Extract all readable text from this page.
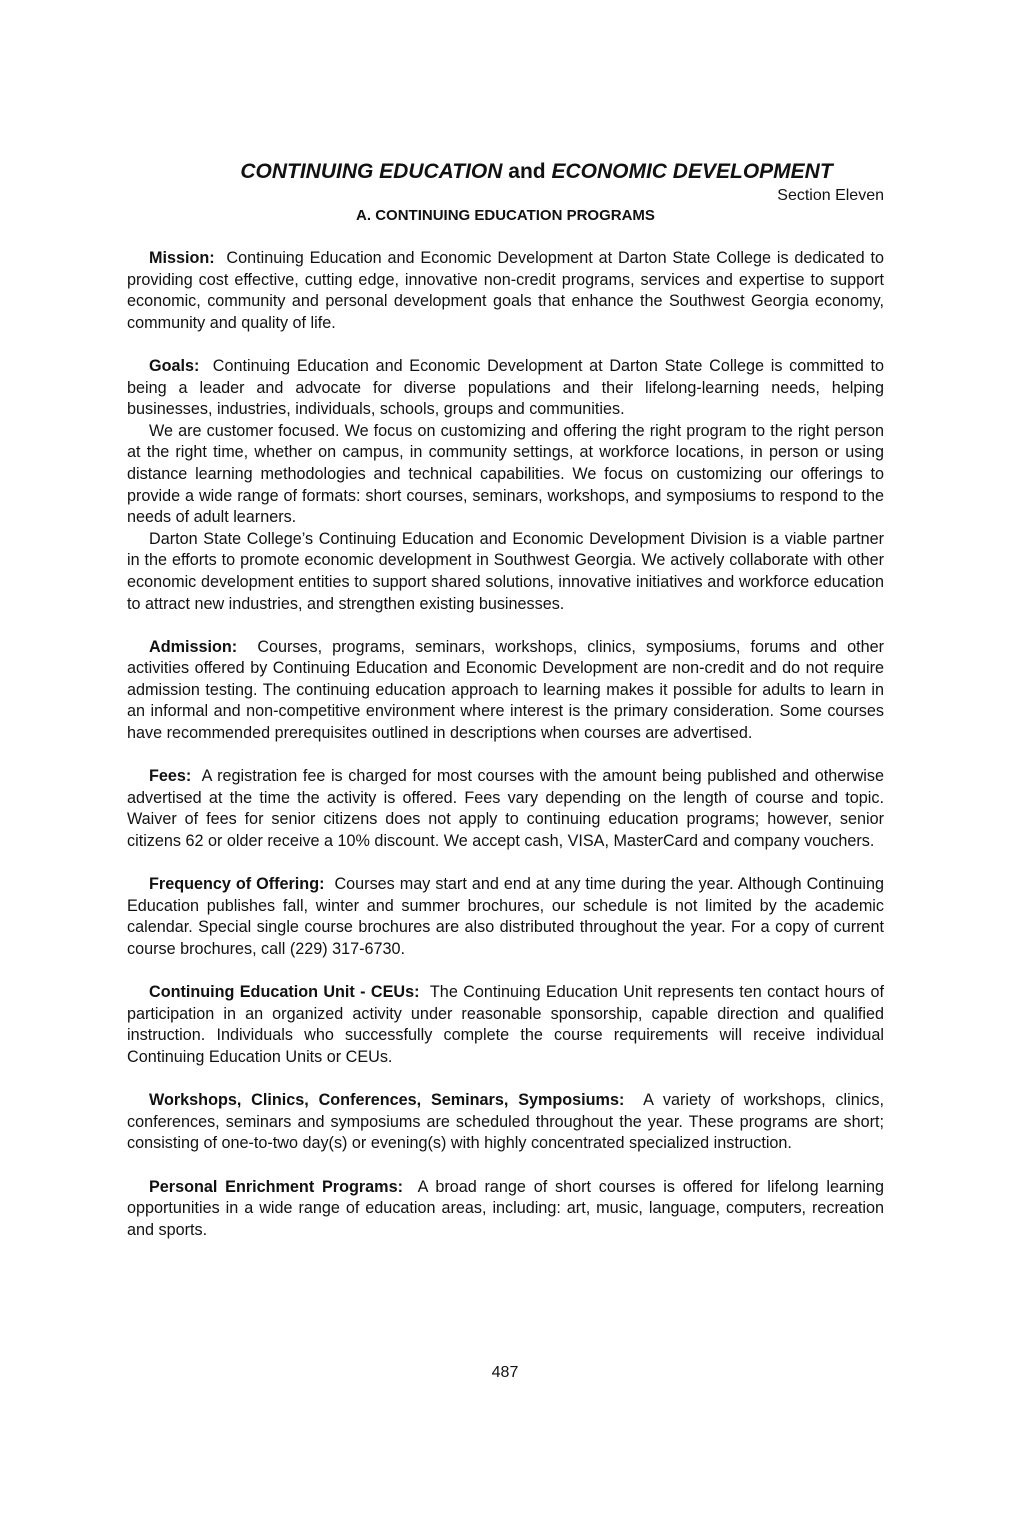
CONTINUING EDUCATION and ECONOMIC DEVELOPMENT
Section Eleven
A. CONTINUING EDUCATION PROGRAMS

Mission: Continuing Education and Economic Development at Darton State College is dedicated to providing cost effective, cutting edge, innovative non-credit programs, services and expertise to support economic, community and personal development goals that enhance the Southwest Georgia economy, community and quality of life.

Goals: Continuing Education and Economic Development at Darton State College is committed to being a leader and advocate for diverse populations and their lifelong-learning needs, helping businesses, industries, individuals, schools, groups and communities.

We are customer focused. We focus on customizing and offering the right program to the right person at the right time, whether on campus, in community settings, at workforce locations, in person or using distance learning methodologies and technical capabilities. We focus on customizing our offerings to provide a wide range of formats: short courses, seminars, workshops, and symposiums to respond to the needs of adult learners.

Darton State College’s Continuing Education and Economic Development Division is a viable partner in the efforts to promote economic development in Southwest Georgia. We actively collaborate with other economic development entities to support shared solutions, innovative initiatives and workforce education to attract new industries, and strengthen existing businesses.

Admission: Courses, programs, seminars, workshops, clinics, symposiums, forums and other activities offered by Continuing Education and Economic Development are non-credit and do not require admission testing. The continuing education approach to learning makes it possible for adults to learn in an informal and non-competitive environment where interest is the primary consideration. Some courses have recommended prerequisites outlined in descriptions when courses are advertised.

Fees: A registration fee is charged for most courses with the amount being published and otherwise advertised at the time the activity is offered. Fees vary depending on the length of course and topic. Waiver of fees for senior citizens does not apply to continuing education programs; however, senior citizens 62 or older receive a 10% discount. We accept cash, VISA, MasterCard and company vouchers.

Frequency of Offering: Courses may start and end at any time during the year. Although Continuing Education publishes fall, winter and summer brochures, our schedule is not limited by the academic calendar. Special single course brochures are also distributed throughout the year. For a copy of current course brochures, call (229) 317-6730.

Continuing Education Unit - CEUs: The Continuing Education Unit represents ten contact hours of participation in an organized activity under reasonable sponsorship, capable direction and qualified instruction. Individuals who successfully complete the course requirements will receive individual Continuing Education Units or CEUs.

Workshops, Clinics, Conferences, Seminars, Symposiums: A variety of workshops, clinics, conferences, seminars and symposiums are scheduled throughout the year. These programs are short; consisting of one-to-two day(s) or evening(s) with highly concentrated specialized instruction.

Personal Enrichment Programs: A broad range of short courses is offered for lifelong learning opportunities in a wide range of education areas, including: art, music, language, computers, recreation and sports.

487
